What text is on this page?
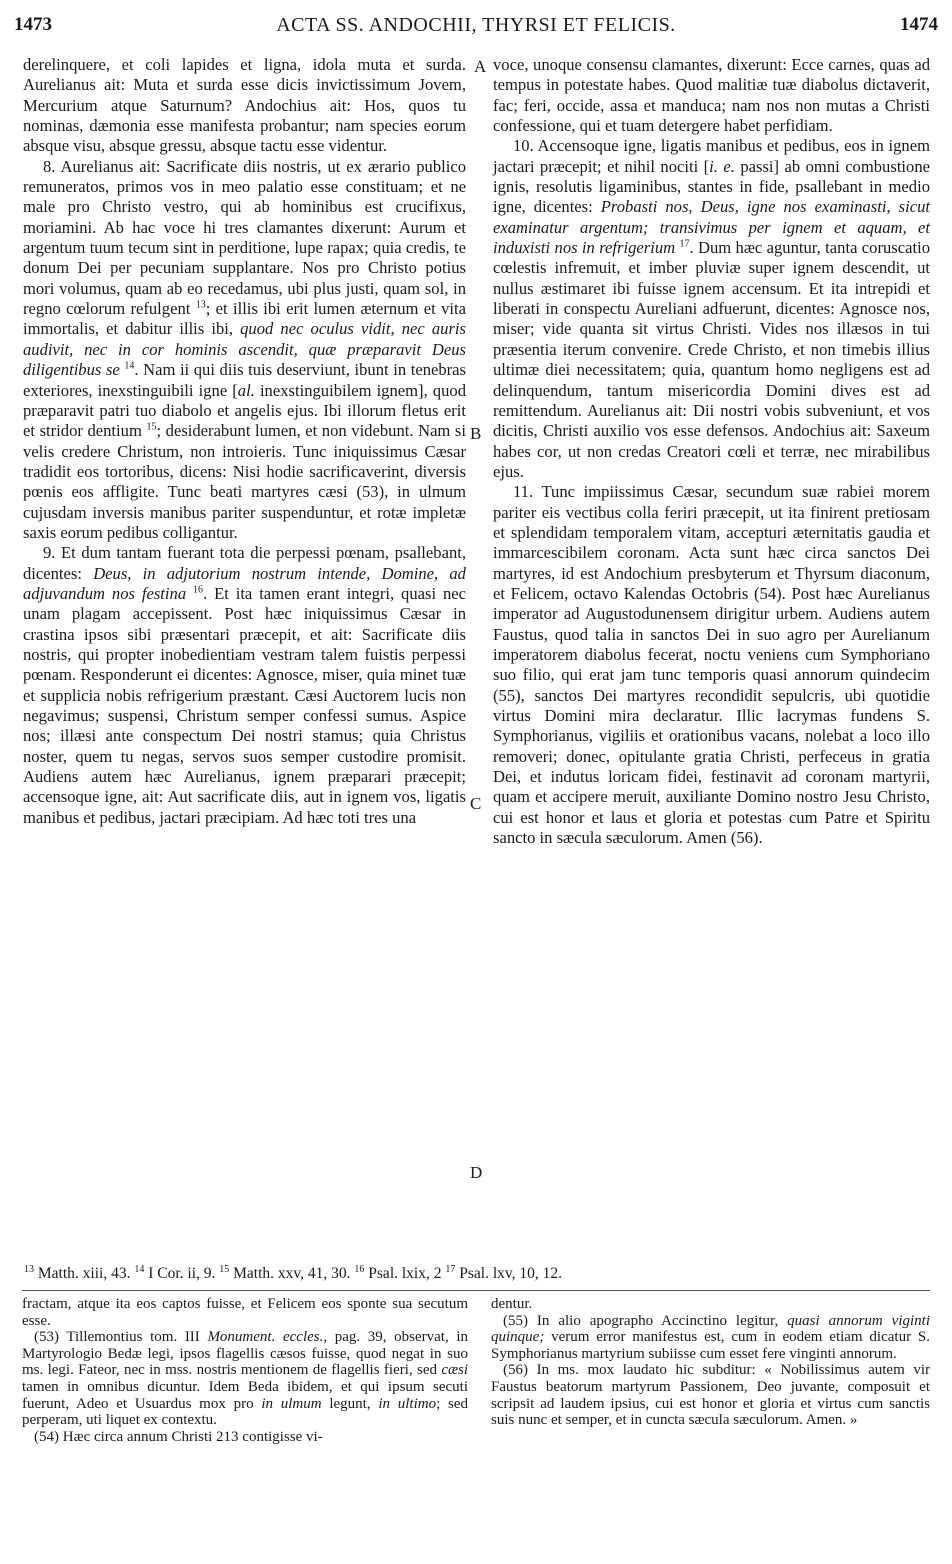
1473	ACTA SS. ANDOCHII, THYRSI ET FELICIS.	1474

derelinquere, et coli lapides et ligna, idola muta et surda. Aurelianus ait: Muta et surda esse dicis invictissimum Jovem, Mercurium atque Saturnum? Andochius ait: Hos, quos tu nominas, dæmonia esse manifesta probantur; nam species eorum absque visu, absque gressu, absque tactu esse videntur.

8. Aurelianus ait: Sacrificate diis nostris, ut ex ærario publico remuneratos, primos vos in meo palatio esse constituam; et ne male pro Christo vestro, qui ab hominibus est crucifixus, moriamini. Ab hac voce hi tres clamantes dixerunt: Aurum et argentum tuum tecum sint in perditione, lupe rapax; quia credis, te donum Dei per pecuniam supplantare. Nos pro Christo potius mori volumus, quam ab eo recedamus, ubi plus justi, quam sol, in regno cœlorum refulgent $^{13}$; et illis ibi erit lumen æternum et vita immortalis, et dabitur illis ibi, quod nec oculus vidit, nec auris audivit, nec in cor hominis ascendit, quæ præparavit Deus diligentibus se $^{14}$. Nam ii qui diis tuis deserviunt, ibunt in tenebras exteriores, inexstinguibili igne [al. inexstinguibilem ignem], quod præparavit patri tuo diabolo et angelis ejus. Ibi illorum fletus erit et stridor dentium $^{15}$; desiderabunt lumen, et non videbunt. Nam si velis credere Christum, non introieris. Tunc iniquissimus Cæsar tradidit eos tortoribus, dicens: Nisi hodie sacrificaverint, diversis pœnis eos affligite. Tunc beati martyres cæsi (53), in ulmum cujusdam inversis manibus pariter suspenduntur, et rotæ impletæ saxis eorum pedibus colligantur.

9. Et dum tantam fuerant tota die perpessi pœnam, psallebant, dicentes: Deus, in adjutorium nostrum intende, Domine, ad adjuvandum nos festina $^{16}$. Et ita tamen erant integri, quasi nec unam plagam accepissent. Post hæc iniquissimus Cæsar in crastina ipsos sibi præsentari præcepit, et ait: Sacrificate diis nostris, qui propter inobedientiam vestram talem fuistis perpessi pœnam. Responderunt ei dicentes: Agnosce, miser, quia minet tuæ et supplicia nobis refrigerium præstant. Cæsi Auctorem lucis non negavimus; suspensi, Christum semper confessi sumus. Aspice nos; illæsi ante conspectum Dei nostri stamus; quia Christus noster, quem tu negas, servos suos semper custodire promisit. Audiens autem hæc Aurelianus, ignem præparari præcepit; accensoque igne, ait: Aut sacrificate diis, aut in ignem vos, ligatis manibus et pedibus, jactari præcipiam. Ad hæc toti tres una

voce, unoque consensu clamantes, dixerunt: Ecce carnes, quas ad tempus in potestate habes. Quod malitiæ tuæ diabolus dictaverit, fac; feri, occide, assa et manduca; nam nos non mutas a Christi confessione, qui et tuam detergere habet perfidiam.

10. Accensoque igne, ligatis manibus et pedibus, eos in ignem jactari præcepit; et nihil nociti [i. e. passi] ab omni combustione ignis, resolutis ligaminibus, stantes in fide, psallebant in medio igne, dicentes: Probasti nos, Deus, igne nos examinasti, sicut examinatur argentum; transivimus per ignem et aquam, et induxisti nos in refrigerium $^{17}$. Dum hæc aguntur, tanta coruscatio cœlestis infremuit, et imber pluviæ super ignem descendit, ut nullus æstimaret ibi fuisse ignem accensum. Et ita intrepidi et liberati in conspectu Aureliani adfuerunt, dicentes: Agnosce nos, miser; vide quanta sit virtus Christi. Vides nos illæsos in tui præsentia iterum convenire. Crede Christo, et non timebis illius ultimæ diei necessitatem; quia, quantum homo negligens est ad delinquendum, tantum misericordia Domini dives est ad remittendum. Aurelianus ait: Dii nostri vobis subveniunt, et vos dicitis, Christi auxilio vos esse defensos. Andochius ait: Saxeum habes cor, ut non credas Creatori cœli et terræ, nec mirabilibus ejus.

11. Tunc impiissimus Cæsar, secundum suæ rabiei morem pariter eis vectibus colla feriri præcepit, ut ita finirent pretiosam et splendidam temporalem vitam, accepturi æternitatis gaudia et immarcescibilem coronam. Acta sunt hæc circa sanctos Dei martyres, id est Andochium presbyterum et Thyrsum diaconum, et Felicem, octavo Kalendas Octobris (54). Post hæc Aurelianus imperator ad Augustodunensem dirigitur urbem. Audiens autem Faustus, quod talia in sanctos Dei in suo agro per Aurelianum imperatorem diabolus fecerat, noctu veniens cum Symphoriano suo filio, qui erat jam tunc temporis quasi annorum quindecim (55), sanctos Dei martyres recondidit sepulcris, ubi quotidie virtus Domini mira declaratur. Illic lacrymas fundens S. Symphorianus, vigiliis et orationibus vacans, nolebat a loco illo removeri; donec, opitulante gratia Christi, perfeceus in gratia Dei, et indutus loricam fidei, festinavit ad coronam martyrii, quam et accipere meruit, auxiliante Domino nostro Jesu Christo, cui est honor et laus et gloria et potestas cum Patre et Spiritu sancto in sæcula sæculorum. Amen (56).

A
B
C
D
$^{13}$ Matth. xiii, 43. $^{14}$ I Cor. ii, 9. $^{15}$ Matth. xxv, 41, 30. $^{16}$ Psal. lxix, 2 $^{17}$ Psal. lxv, 10, 12.

fractam, atque ita eos captos fuisse, et Felicem eos sponte sua secutum esse.

(53) Tillemontius tom. III Monument. eccles., pag. 39, observat, in Martyrologio Bedæ legi, ipsos flagellis cæsos fuisse, quod negat in suo ms. legi. Fateor, nec in mss. nostris mentionem de flagellis fieri, sed cæsi tamen in omnibus dicuntur. Idem Beda ibidem, et qui ipsum secuti fuerunt, Adeo et Usuardus mox pro in ulmum legunt, in ultimo; sed perperam, uti liquet ex contextu.

(54) Hæc circa annum Christi 213 contigisse vi-

dentur.

(55) In alio apographo Accinctino legitur, quasi annorum viginti quinque; verum error manifestus est, cum in eodem etiam dicatur S. Symphorianus martyrium subiisse cum esset fere vinginti annorum.

(56) In ms. mox laudato hic subditur: « Nobilissimus autem vir Faustus beatorum martyrum Passionem, Deo juvante, composuit et scripsit ad laudem ipsius, cui est honor et gloria et virtus cum sanctis suis nunc et semper, et in cuncta sæcula sæculorum. Amen. »
